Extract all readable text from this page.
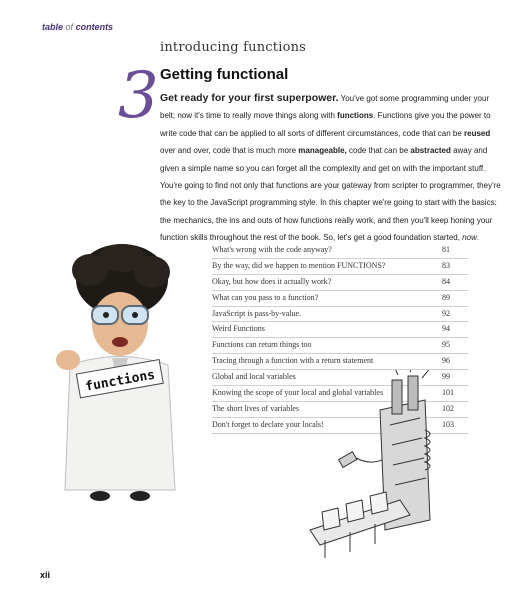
table of contents
introducing functions
3 Getting functional
Get ready for your first superpower. You've got some programming under your belt; now it's time to really move things along with functions. Functions give you the power to write code that can be applied to all sorts of different circumstances, code that can be reused over and over, code that is much more manageable, code that can be abstracted away and given a simple name so you can forget all the complexity and get on with the important stuff. You're going to find not only that functions are your gateway from scripter to programmer, they're the key to the JavaScript programming style. In this chapter we're going to start with the basics: the mechanics, the ins and outs of how functions really work, and then you'll keep honing your function skills throughout the rest of the book. So, let's get a good foundation started, now.
What's wrong with the code anyway?	81
By the way, did we happen to mention FUNCTIONS?	83
Okay, but how does it actually work?	84
What can you pass to a function?	89
JavaScript is pass-by-value.	92
Weird Functions	94
Functions can return things too	95
Tracing through a function with a return statement	96
Global and local variables	99
Knowing the scope of your local and global variables	101
The short lives of variables	102
Don't forget to declare your locals!	103
functions
xii
